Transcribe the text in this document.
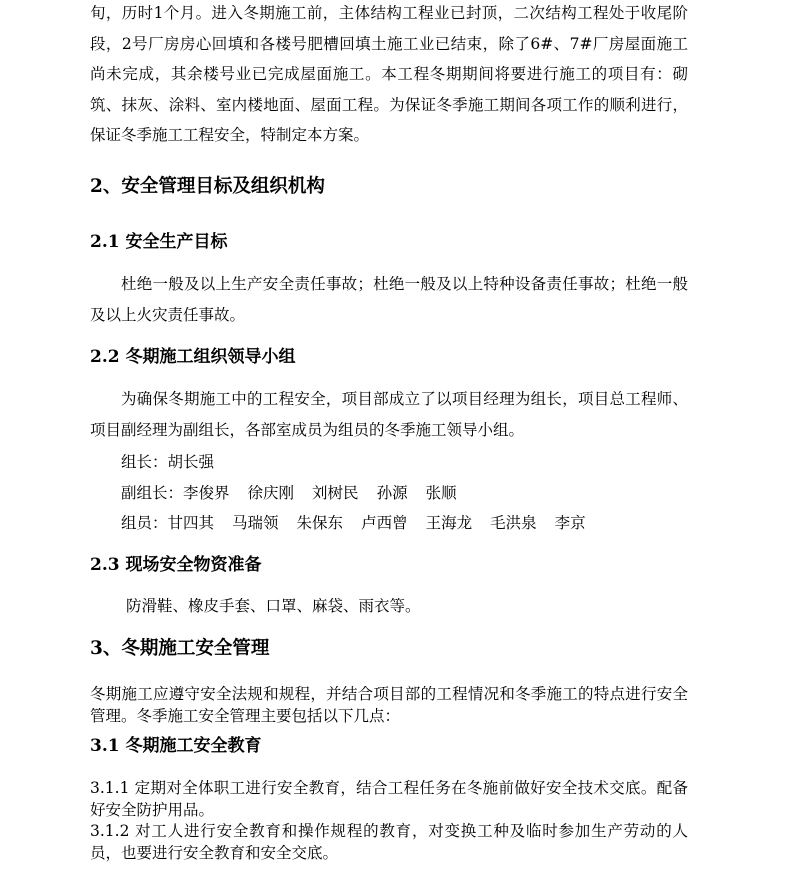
旬，历时1个月。进入冬期施工前，主体结构工程业已封顶，二次结构工程处于收尾阶段，2号厂房房心回填和各楼号肥槽回填土施工业已结束，除了6#、7#厂房屋面施工尚未完成，其余楼号业已完成屋面施工。本工程冬期期间将要进行施工的项目有：砌筑、抹灰、涂料、室内楼地面、屋面工程。为保证冬季施工期间各项工作的顺利进行，保证冬季施工工程安全，特制定本方案。

2、安全管理目标及组织机构
2.1 安全生产目标

杜绝一般及以上生产安全责任事故；杜绝一般及以上特种设备责任事故；杜绝一般及以上火灾责任事故。

2.2 冬期施工组织领导小组

为确保冬期施工中的工程安全，项目部成立了以项目经理为组长，项目总工程师、项目副经理为副组长，各部室成员为组员的冬季施工领导小组。

组长：胡长强

副组长：李俊界 徐庆刚 刘树民 孙源 张顺

组员：甘四其 马瑞领 朱保东 卢西曾 王海龙 毛洪泉 李京

2.3 现场安全物资准备

防滑鞋、橡皮手套、口罩、麻袋、雨衣等。

3、冬期施工安全管理

冬期施工应遵守安全法规和规程，并结合项目部的工程情况和冬季施工的特点进行安全管理。冬季施工安全管理主要包括以下几点：

3.1 冬期施工安全教育

3.1.1 定期对全体职工进行安全教育，结合工程任务在冬施前做好安全技术交底。配备好安全防护用品。

3.1.2 对工人进行安全教育和操作规程的教育，对变换工种及临时参加生产劳动的人员，也要进行安全教育和安全交底。
